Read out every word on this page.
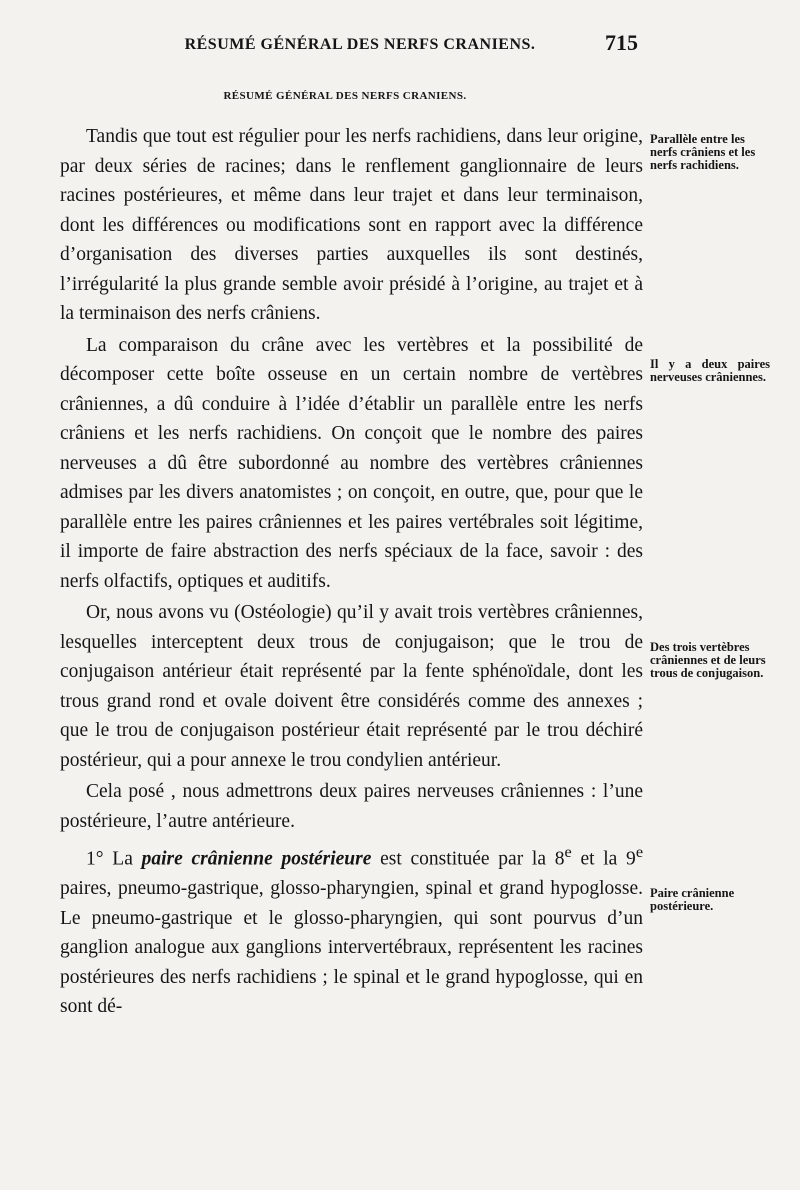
RÉSUMÉ GÉNÉRAL DES NERFS CRANIENS.	715
RÉSUMÉ GÉNÉRAL DES NERFS CRANIENS.

Tandis que tout est régulier pour les nerfs rachidiens, dans leur origine, par deux séries de racines; dans le renflement ganglionnaire de leurs racines postérieures, et même dans leur trajet et dans leur terminaison, dont les différences ou modifications sont en rapport avec la différence d’organisation des diverses parties auxquelles ils sont destinés, l’irrégularité la plus grande semble avoir présidé à l’origine, au trajet et à la terminaison des nerfs crâniens.

La comparaison du crâne avec les vertèbres et la possibilité de décomposer cette boîte osseuse en un certain nombre de vertèbres crâniennes, a dû conduire à l’idée d’établir un parallèle entre les nerfs crâniens et les nerfs rachidiens. On conçoit que le nombre des paires nerveuses a dû être subordonné au nombre des vertèbres crâniennes admises par les divers anatomistes ; on conçoit, en outre, que, pour que le parallèle entre les paires crâniennes et les paires vertébrales soit légitime, il importe de faire abstraction des nerfs spéciaux de la face, savoir : des nerfs olfactifs, optiques et auditifs.

Or, nous avons vu (Ostéologie) qu’il y avait trois vertèbres crâniennes, lesquelles interceptent deux trous de conjugaison; que le trou de conjugaison antérieur était représenté par la fente sphénoïdale, dont les trous grand rond et ovale doivent être considérés comme des annexes ; que le trou de conjugaison postérieur était représenté par le trou déchiré postérieur, qui a pour annexe le trou condylien antérieur.

Cela posé , nous admettrons deux paires nerveuses crâniennes : l’une postérieure, l’autre antérieure.

1° La paire crânienne postérieure est constituée par la 8e et la 9e paires, pneumo-gastrique, glosso-pharyngien, spinal et grand hypoglosse. Le pneumo-gastrique et le glosso-pharyngien, qui sont pourvus d’un ganglion analogue aux ganglions intervertébraux, représentent les racines postérieures des nerfs rachidiens ; le spinal et le grand hypoglosse, qui en sont dé-

Parallèle entre les nerfs crâniens et les nerfs rachidiens.
Il y a deux paires nerveuses crâniennes.
Des trois vertèbres crâniennes et de leurs trous de conjugaison.
Paire crânienne postérieure.
